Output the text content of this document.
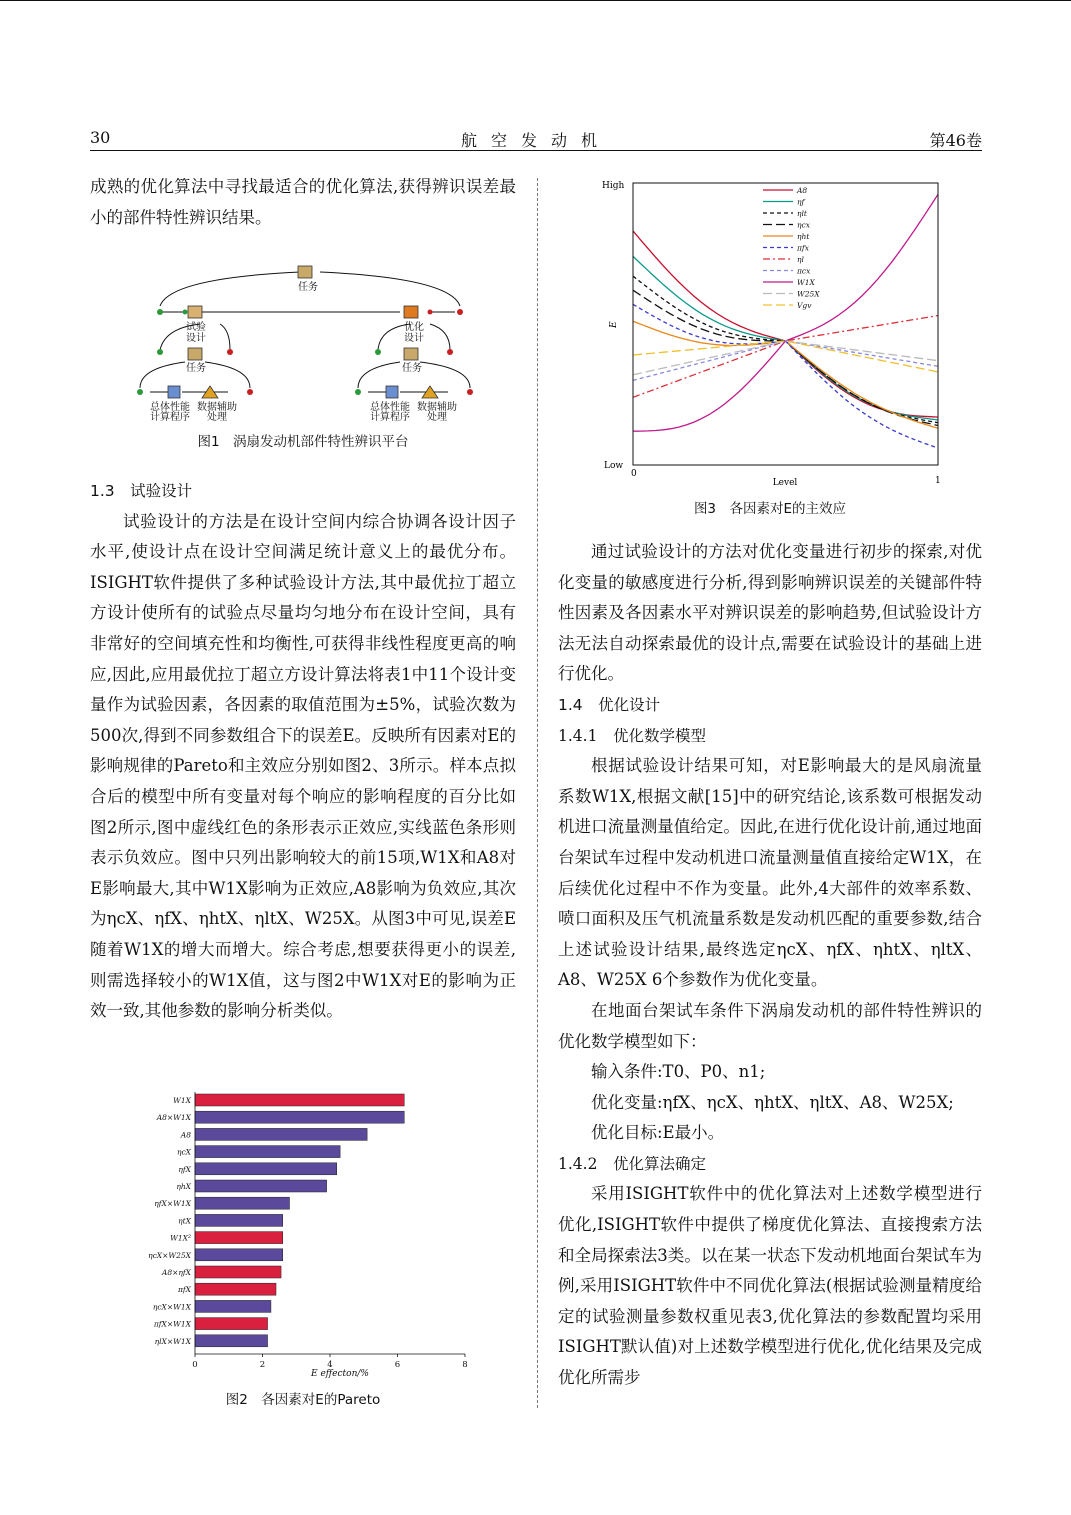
30	航空发动机	第46卷

成熟的优化算法中寻找最适合的优化算法,获得辨识误差最小的部件特性辨识结果。

任务
试验
设计
优化
设计
任务	任务
总体性能
计算程序
数据辅助
处理
总体性能
计算程序
数据辅助
处理
图1　涡扇发动机部件特性辨识平台

1.3　试验设计

试验设计的方法是在设计空间内综合协调各设计因子水平,使设计点在设计空间满足统计意义上的最优分布。ISIGHT软件提供了多种试验设计方法,其中最优拉丁超立方设计使所有的试验点尽量均匀地分布在设计空间，具有非常好的空间填充性和均衡性,可获得非线性程度更高的响应,因此,应用最优拉丁超立方设计算法将表1中11个设计变量作为试验因素，各因素的取值范围为±5%，试验次数为500次,得到不同参数组合下的误差E。反映所有因素对E的影响规律的Pareto和主效应分别如图2、3所示。样本点拟合后的模型中所有变量对每个响应的影响程度的百分比如图2所示,图中虚线红色的条形表示正效应,实线蓝色条形则表示负效应。图中只列出影响较大的前15项,W1X和A8对E影响最大,其中W1X影响为正效应,A8影响为负效应,其次为ηcX、ηfX、ηhtX、ηltX、W25X。从图3中可见,误差E随着W1X的增大而增大。综合考虑,想要获得更小的误差,则需选择较小的W1X值，这与图2中W1X对E的影响为正效一致,其他参数的影响分析类似。

W1X
A8×W1X
A8
ηcX
ηfX
ηhX
ηfX×W1X
ηtX
W1X²
ηcX×W25X
A8×ηfX
πfX
ηcX×W1X
πfX×W1X
ηlX×W1X
0	2	4	6	8
E effecton/%
图2　各因素对E的Pareto
A8
ηf
ηlt
ηcx
ηht
πfx
ηl
πcx
W1X
W25X
Vgv
High
Low
E
0
1
Level
图3　各因素对E的主效应

通过试验设计的方法对优化变量进行初步的探索,对优化变量的敏感度进行分析,得到影响辨识误差的关键部件特性因素及各因素水平对辨识误差的影响趋势,但试验设计方法无法自动探索最优的设计点,需要在试验设计的基础上进行优化。

1.4　优化设计

1.4.1　优化数学模型

根据试验设计结果可知，对E影响最大的是风扇流量系数W1X,根据文献[15]中的研究结论,该系数可根据发动机进口流量测量值给定。因此,在进行优化设计前,通过地面台架试车过程中发动机进口流量测量值直接给定W1X，在后续优化过程中不作为变量。此外,4大部件的效率系数、喷口面积及压气机流量系数是发动机匹配的重要参数,结合上述试验设计结果,最终选定ηcX、ηfX、ηhtX、ηltX、A8、W25X 6个参数作为优化变量。

在地面台架试车条件下涡扇发动机的部件特性辨识的优化数学模型如下：

输入条件:T0、P0、n1;

优化变量:ηfX、ηcX、ηhtX、ηltX、A8、W25X;

优化目标:E最小。

1.4.2　优化算法确定

采用ISIGHT软件中的优化算法对上述数学模型进行优化,ISIGHT软件中提供了梯度优化算法、直接搜索方法和全局探索法3类。以在某一状态下发动机地面台架试车为例,采用ISIGHT软件中不同优化算法(根据试验测量精度给定的试验测量参数权重见表3,优化算法的参数配置均采用ISIGHT默认值)对上述数学模型进行优化,优化结果及完成优化所需步
